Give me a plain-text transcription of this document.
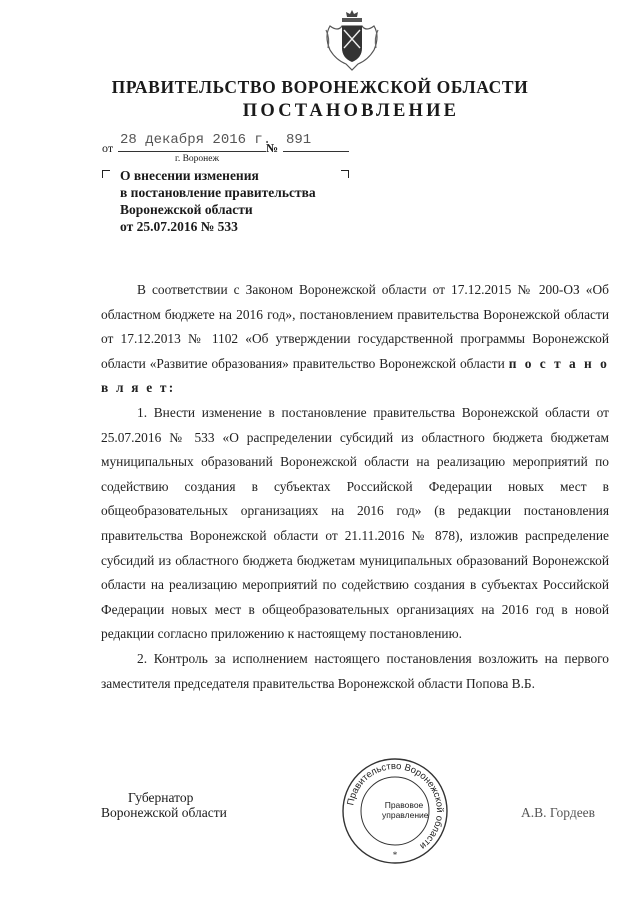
ПРАВИТЕЛЬСТВО ВОРОНЕЖСКОЙ ОБЛАСТИ
ПОСТАНОВЛЕНИЕ
от 28 декабря 2016 г.
№ 891
г. Воронеж
О внесении изменения
в постановление правительства
Воронежской области
от 25.07.2016 № 533

В соответствии с Законом Воронежской области от 17.12.2015 № 200-ОЗ «Об областном бюджете на 2016 год», постановлением правительства Воронежской области от 17.12.2013 № 1102 «Об утверждении государственной программы Воронежской области «Развитие образования» правительство Воронежской области п о с т а н о в л я е т:

1. Внести изменение в постановление правительства Воронежской области от 25.07.2016 № 533 «О распределении субсидий из областного бюджета бюджетам муниципальных образований Воронежской области на реализацию мероприятий по содействию создания в субъектах Российской Федерации новых мест в общеобразовательных организациях на 2016 год» (в редакции постановления правительства Воронежской области от 21.11.2016 № 878), изложив распределение субсидий из областного бюджета бюджетам муниципальных образований Воронежской области на реализацию мероприятий по содействию создания в субъектах Российской Федерации новых мест в общеобразовательных организациях на 2016 год в новой редакции согласно приложению к настоящему постановлению.

2. Контроль за исполнением настоящего постановления возложить на первого заместителя председателя правительства Воронежской области Попова В.Б.

Губернатор
Воронежской области	А.В. Гордеев
Правительство Воронежской области
*
Правовое управление
